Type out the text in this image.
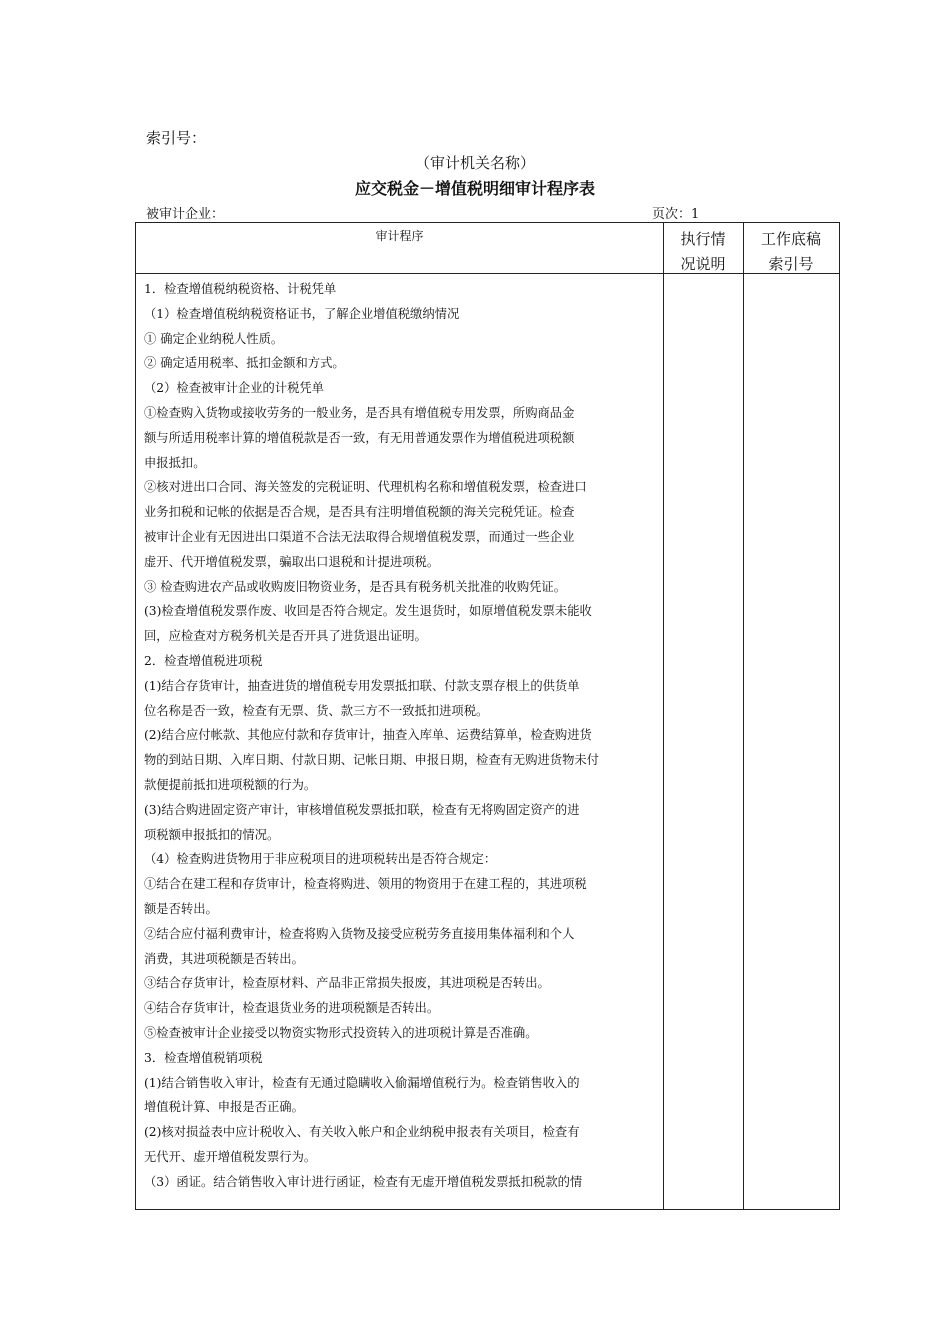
索引号：
（审计机关名称）
应交税金－增值税明细审计程序表
被审计企业：	页次：1
审计程序	执行情
况说明
工作底稿
索引号
1．检查增值税纳税资格、计税凭单
（1）检查增值税纳税资格证书，了解企业增值税缴纳情况
① 确定企业纳税人性质。
② 确定适用税率、抵扣金额和方式。
（2）检查被审计企业的计税凭单
①检查购入货物或接收劳务的一般业务，是否具有增值税专用发票，所购商品金
额与所适用税率计算的增值税款是否一致，有无用普通发票作为增值税进项税额
申报抵扣。
②核对进出口合同、海关签发的完税证明、代理机构名称和增值税发票，检查进口
业务扣税和记帐的依据是否合规，是否具有注明增值税额的海关完税凭证。检查
被审计企业有无因进出口渠道不合法无法取得合规增值税发票，而通过一些企业
虚开、代开增值税发票，骗取出口退税和计提进项税。
③ 检查购进农产品或收购废旧物资业务，是否具有税务机关批准的收购凭证。
(3)检查增值税发票作废、收回是否符合规定。发生退货时，如原增值税发票未能收
回，应检查对方税务机关是否开具了进货退出证明。
2．检查增值税进项税
(1)结合存货审计，抽查进货的增值税专用发票抵扣联、付款支票存根上的供货单
位名称是否一致，检查有无票、货、款三方不一致抵扣进项税。
(2)结合应付帐款、其他应付款和存货审计，抽查入库单、运费结算单，检查购进货
物的到站日期、入库日期、付款日期、记帐日期、申报日期，检查有无购进货物未付
款便提前抵扣进项税额的行为。
(3)结合购进固定资产审计，审核增值税发票抵扣联，检查有无将购固定资产的进
项税额申报抵扣的情况。
（4）检查购进货物用于非应税项目的进项税转出是否符合规定：
①结合在建工程和存货审计，检查将购进、领用的物资用于在建工程的，其进项税
额是否转出。
②结合应付福利费审计，检查将购入货物及接受应税劳务直接用集体福利和个人
消费，其进项税额是否转出。
③结合存货审计，检查原材料、产品非正常损失报废，其进项税是否转出。
④结合存货审计，检查退货业务的进项税额是否转出。
⑤检查被审计企业接受以物资实物形式投资转入的进项税计算是否准确。
3．检查增值税销项税
(1)结合销售收入审计，检查有无通过隐瞒收入偷漏增值税行为。检查销售收入的
增值税计算、申报是否正确。
(2)核对损益表中应计税收入、有关收入帐户和企业纳税申报表有关项目，检查有
无代开、虚开增值税发票行为。
（3）函证。结合销售收入审计进行函证，检查有无虚开增值税发票抵扣税款的情
